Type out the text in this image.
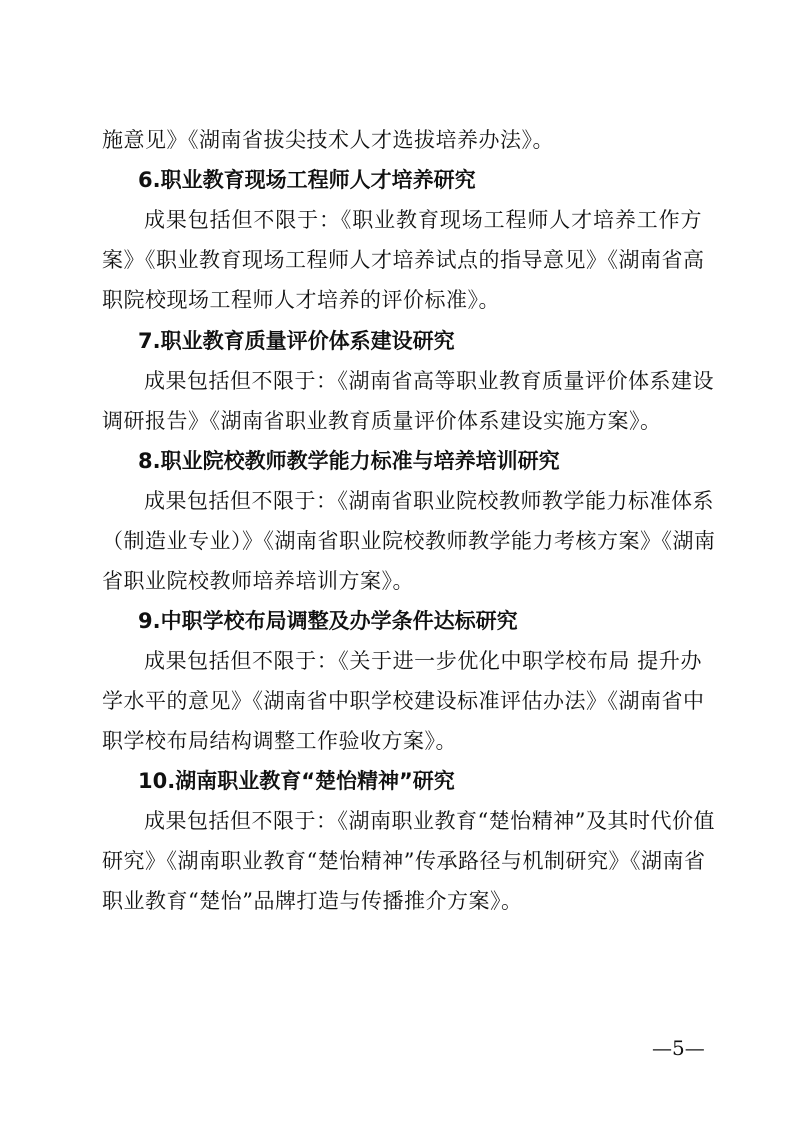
施意见》《湖南省拔尖技术人才选拔培养办法》。
6.职业教育现场工程师人才培养研究
成果包括但不限于：《职业教育现场工程师人才培养工作方
案》《职业教育现场工程师人才培养试点的指导意见》《湖南省高
职院校现场工程师人才培养的评价标准》。
7.职业教育质量评价体系建设研究
成果包括但不限于：《湖南省高等职业教育质量评价体系建设
调研报告》《湖南省职业教育质量评价体系建设实施方案》。
8.职业院校教师教学能力标准与培养培训研究
成果包括但不限于：《湖南省职业院校教师教学能力标准体系
（制造业专业）》《湖南省职业院校教师教学能力考核方案》《湖南
省职业院校教师培养培训方案》。
9.中职学校布局调整及办学条件达标研究
成果包括但不限于：《关于进一步优化中职学校布局 提升办
学水平的意见》《湖南省中职学校建设标准评估办法》《湖南省中
职学校布局结构调整工作验收方案》。
10.湖南职业教育“楚怡精神”研究
成果包括但不限于：《湖南职业教育“楚怡精神”及其时代价值
研究》《湖南职业教育“楚怡精神”传承路径与机制研究》《湖南省
职业教育“楚怡”品牌打造与传播推介方案》。
—5—
